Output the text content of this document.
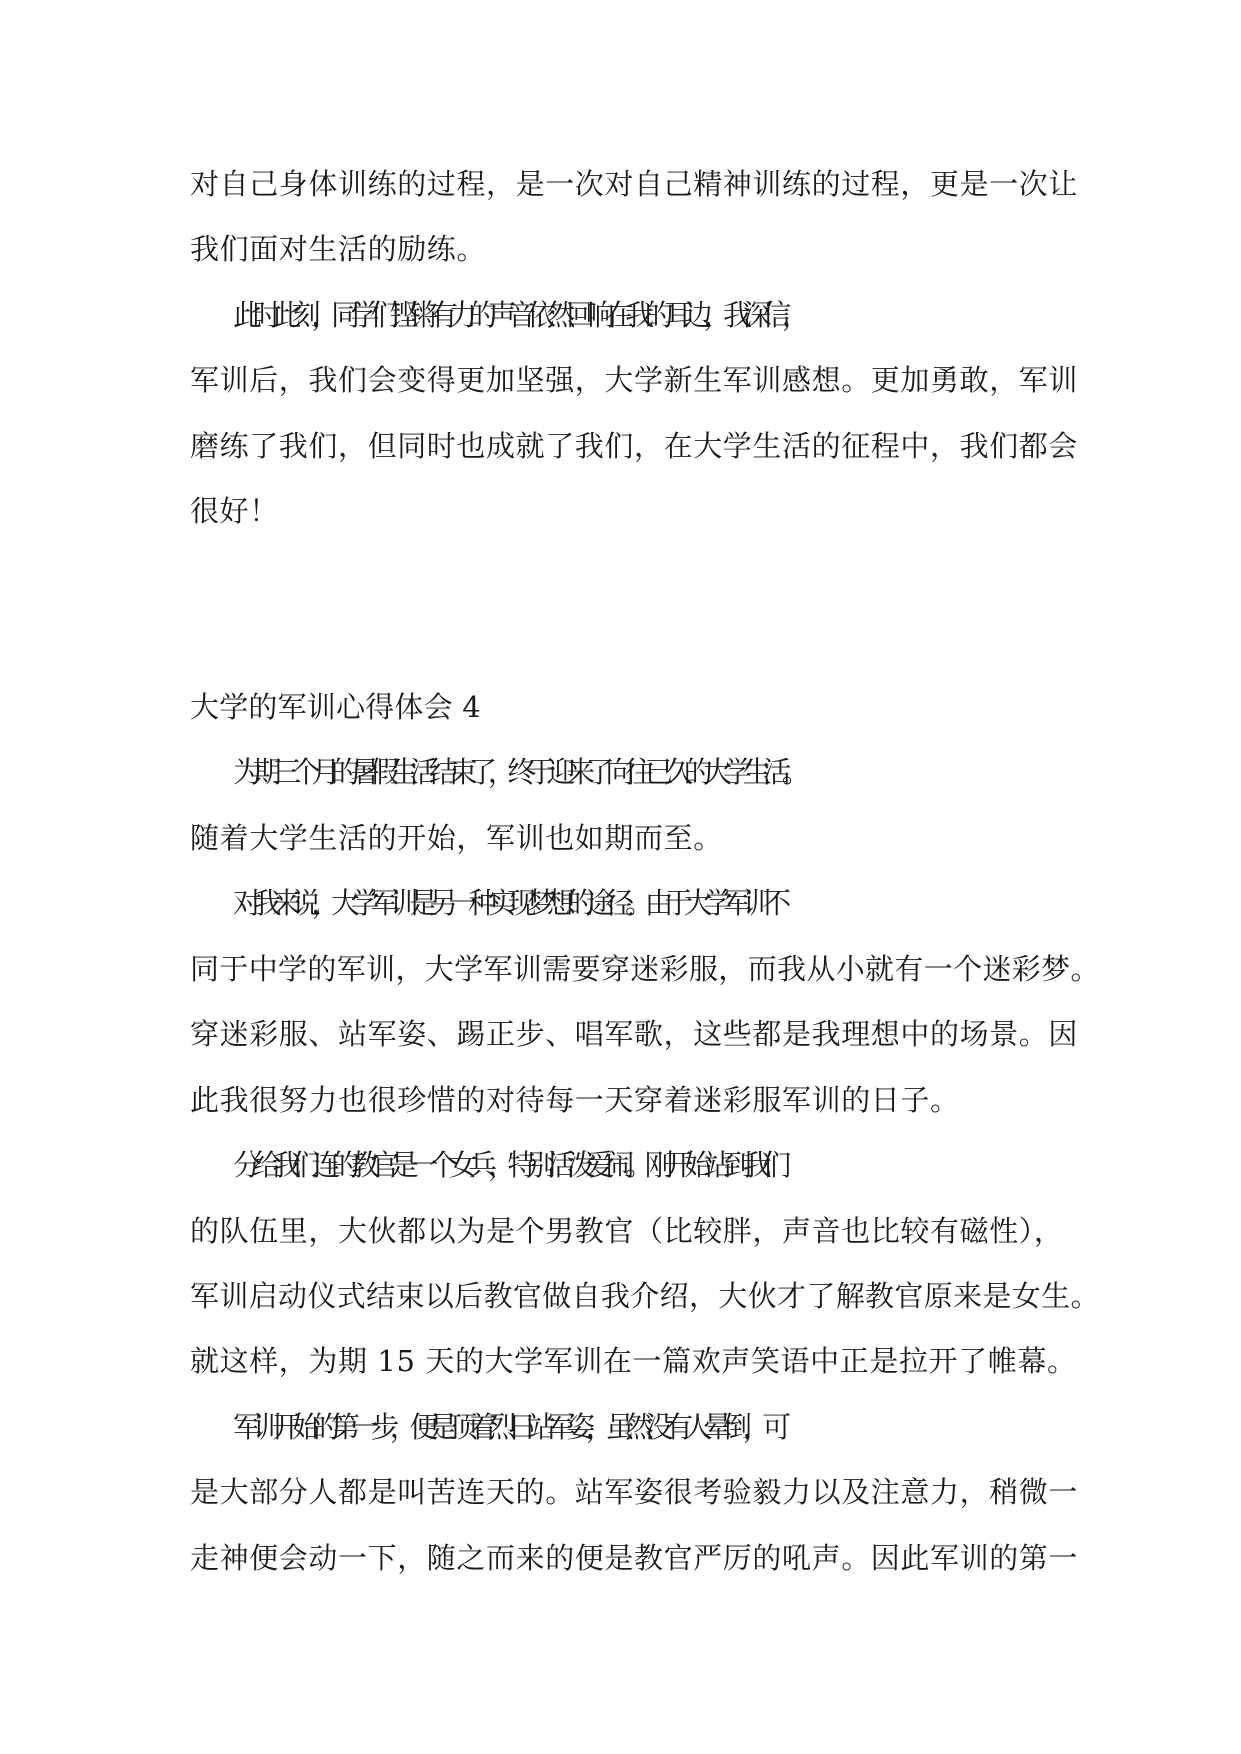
对自己身体训练的过程，是一次对自己精神训练的过程，更是一次让
我们面对生活的励练。
此时此刻，同学们铿锵有力的声音依然回响在我的耳边，我深信，
军训后，我们会变得更加坚强，大学新生军训感想。更加勇敢，军训
磨练了我们，但同时也成就了我们，在大学生活的征程中，我们都会
很好！
大学的军训心得体会 4
为期三个月的暑假生活结束了，终于迎来了向往已久的大学生活。
随着大学生活的开始，军训也如期而至。
对我来说，大学军训是另一种实现梦想的途径。由于大学军训不
同于中学的军训，大学军训需要穿迷彩服，而我从小就有一个迷彩梦。
穿迷彩服、站军姿、踢正步、唱军歌，这些都是我理想中的场景。因
此我很努力也很珍惜的对待每一天穿着迷彩服军训的日子。
分给我们连的教官是一个女兵，特别活泼爱闹。刚开始站到我们
的队伍里，大伙都以为是个男教官（比较胖，声音也比较有磁性），
军训启动仪式结束以后教官做自我介绍，大伙才了解教官原来是女生。
就这样，为期 15 天的大学军训在一篇欢声笑语中正是拉开了帷幕。
军训开始的第一步，便是顶着烈日站军姿，虽然没有人晕倒，可
是大部分人都是叫苦连天的。站军姿很考验毅力以及注意力，稍微一
走神便会动一下，随之而来的便是教官严厉的吼声。因此军训的第一
